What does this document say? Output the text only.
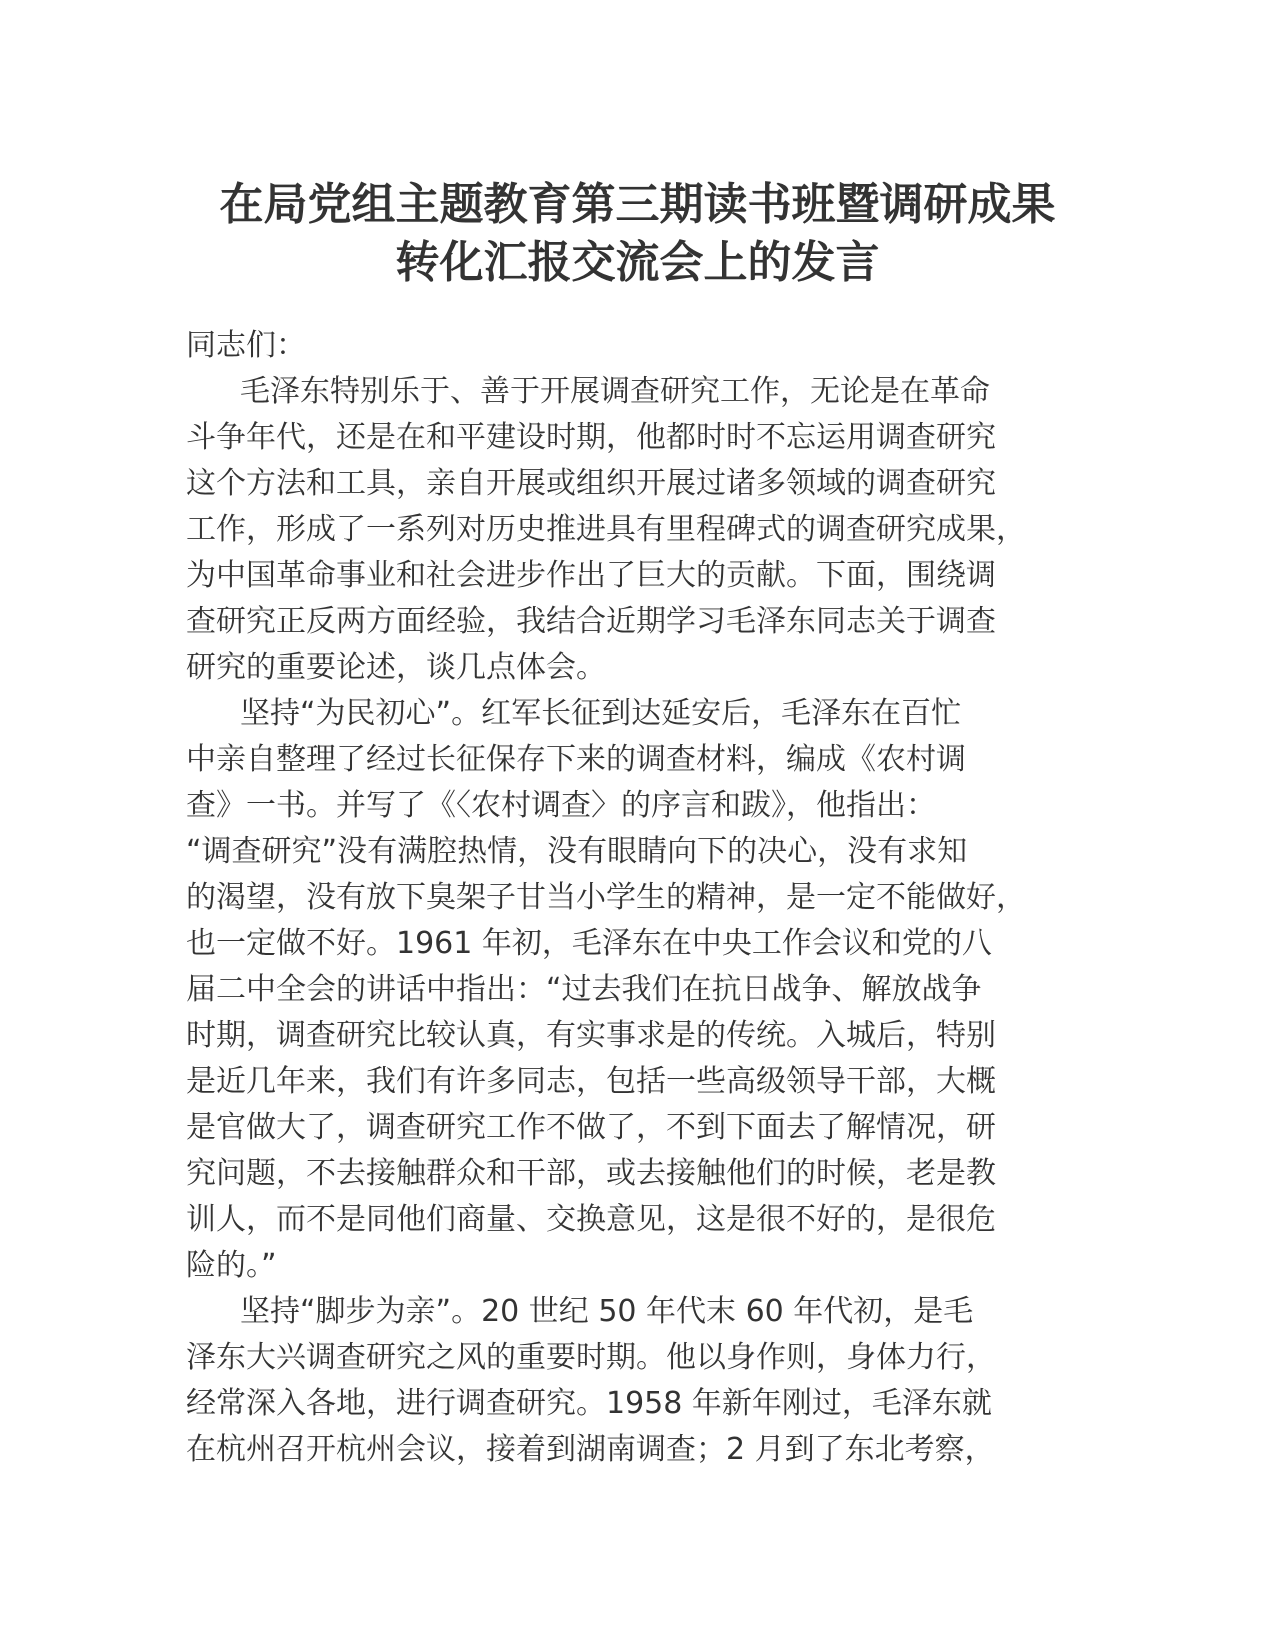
在局党组主题教育第三期读书班暨调研成果
转化汇报交流会上的发言
同志们：
毛泽东特别乐于、善于开展调查研究工作，无论是在革命
斗争年代，还是在和平建设时期，他都时时不忘运用调查研究
这个方法和工具，亲自开展或组织开展过诸多领域的调查研究
工作，形成了一系列对历史推进具有里程碑式的调查研究成果，
为中国革命事业和社会进步作出了巨大的贡献。下面，围绕调
查研究正反两方面经验，我结合近期学习毛泽东同志关于调查
研究的重要论述，谈几点体会。
坚持“为民初心”。红军长征到达延安后，毛泽东在百忙
中亲自整理了经过长征保存下来的调查材料，编成《农村调
查》一书。并写了《〈农村调查〉的序言和跋》，他指出：
“调查研究”没有满腔热情，没有眼睛向下的决心，没有求知
的渴望，没有放下臭架子甘当小学生的精神，是一定不能做好，
也一定做不好。1961 年初，毛泽东在中央工作会议和党的八
届二中全会的讲话中指出：“过去我们在抗日战争、解放战争
时期，调查研究比较认真，有实事求是的传统。入城后，特别
是近几年来，我们有许多同志，包括一些高级领导干部，大概
是官做大了，调查研究工作不做了，不到下面去了解情况，研
究问题，不去接触群众和干部，或去接触他们的时候，老是教
训人，而不是同他们商量、交换意见，这是很不好的，是很危
险的。”
坚持“脚步为亲”。20 世纪 50 年代末 60 年代初，是毛
泽东大兴调查研究之风的重要时期。他以身作则，身体力行，
经常深入各地，进行调查研究。1958 年新年刚过，毛泽东就
在杭州召开杭州会议，接着到湖南调查；2 月到了东北考察，
